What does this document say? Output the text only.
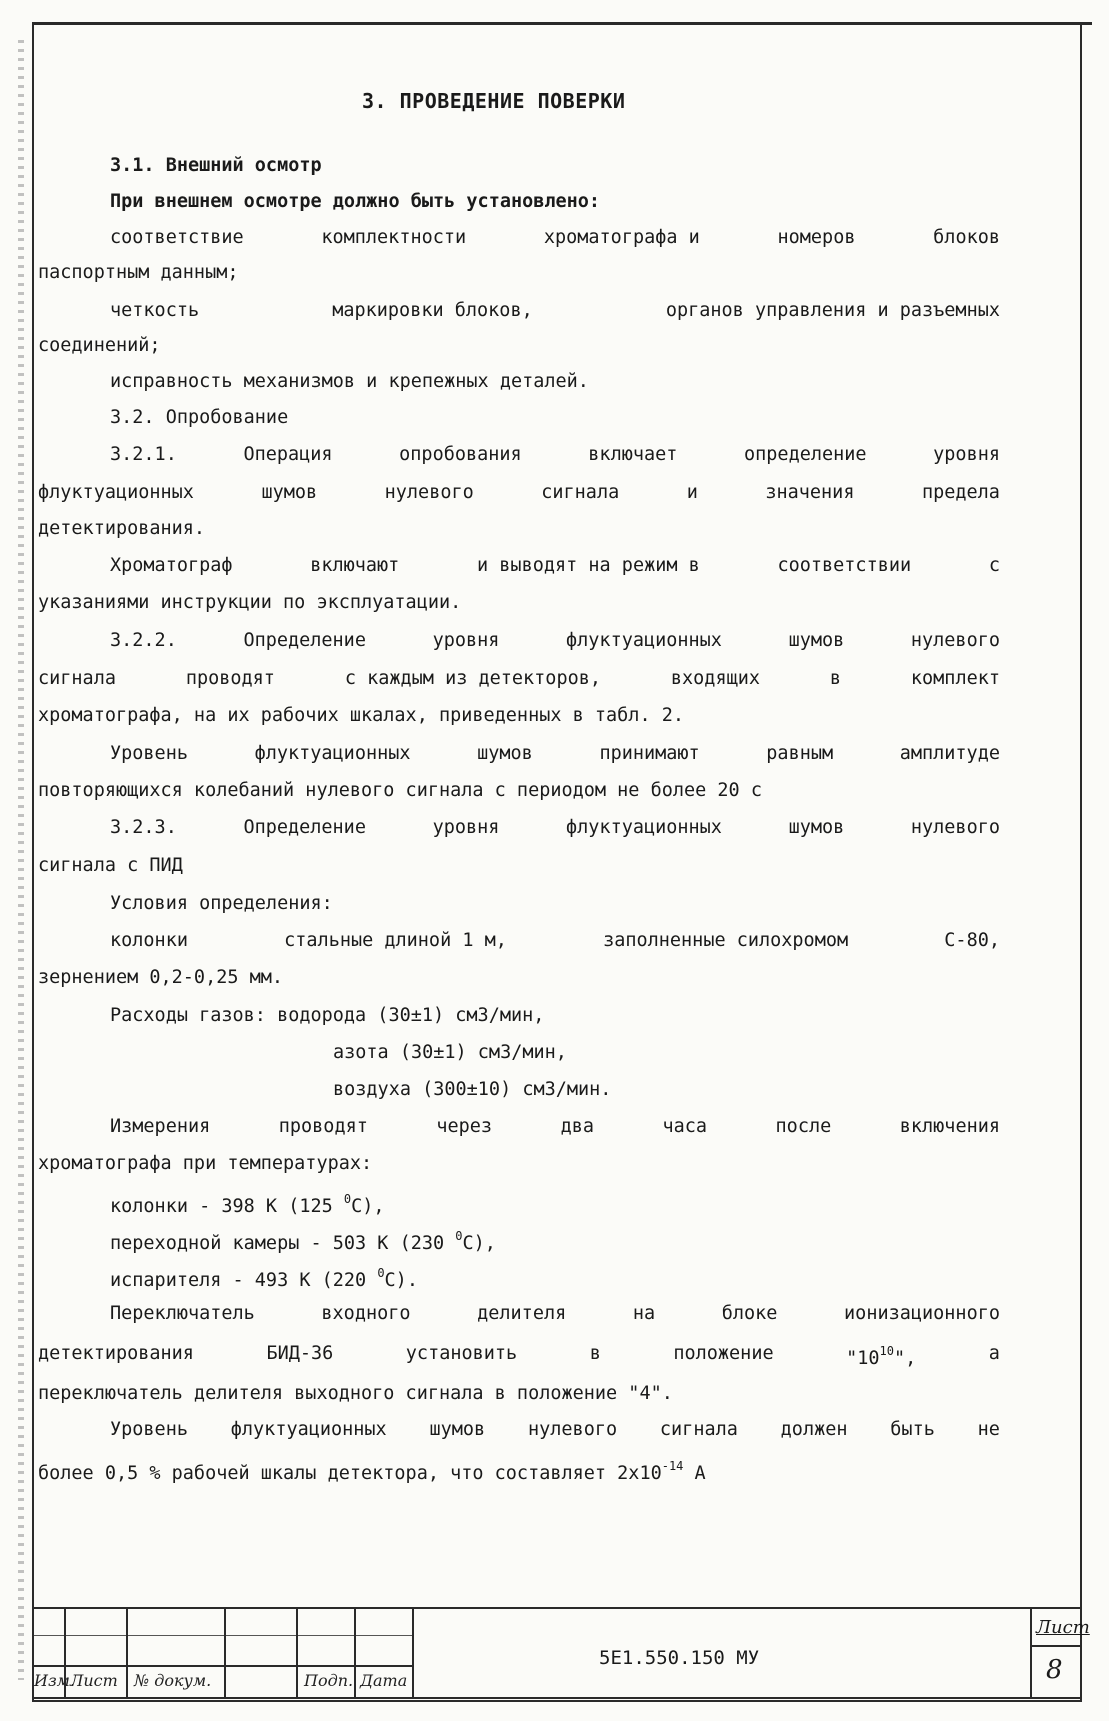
3. ПРОВЕДЕНИЕ ПОВЕРКИ
3.1. Внешний осмотр
При внешнем осмотре должно быть установлено:
соответствие	комплектности	хроматографа и	номеров	блоков
паспортным данным;
четкость	маркировки блоков,	органов управления и разъемных
соединений;
исправность механизмов и крепежных деталей.
3.2. Опробование
3.2.1.	Операция	опробования	включает	определение	уровня
флуктуационных	шумов	нулевого	сигнала	и	значения	предела
детектирования.
Хроматограф	включают	и выводят на режим в	соответствии	с
указаниями инструкции по эксплуатации.
3.2.2.	Определение	уровня	флуктуационных	шумов	нулевого
сигнала	проводят	с каждым из детекторов,	входящих	в	комплект
хроматографа, на их рабочих шкалах, приведенных в табл. 2.
Уровень	флуктуационных	шумов	принимают	равным	амплитуде
повторяющихся колебаний нулевого сигнала с периодом не более 20 с
3.2.3.	Определение	уровня	флуктуационных	шумов	нулевого
сигнала с ПИД
Условия определения:
колонки	стальные длиной 1 м,	заполненные силохромом	С-80,
зернением 0,2-0,25 мм.
Расходы газов: водорода (30±1) см3/мин,
азота (30±1) см3/мин,
воздуха (300±10) см3/мин.
Измерения	проводят	через	два	часа	после	включения
хроматографа при температурах:
колонки - 398 К (125 $^0$С),
переходной камеры - 503 К (230 $^0$С),
испарителя - 493 К (220 $^0$С).
Переключатель	входного	делителя	на	блоке	ионизационного
детектирования	БИД-36	установить	в	положение	"$10^{10}$",	а
переключатель делителя выходного сигнала в положение "4".
Уровень флуктуационных шумов нулевого сигнала должен быть не
более 0,5 % рабочей шкалы детектора, что составляет $2х10^{-14}$ А
Изм.
Лист № докум.	Подп. Дата
5Е1.550.150 МУ
Лист
8
